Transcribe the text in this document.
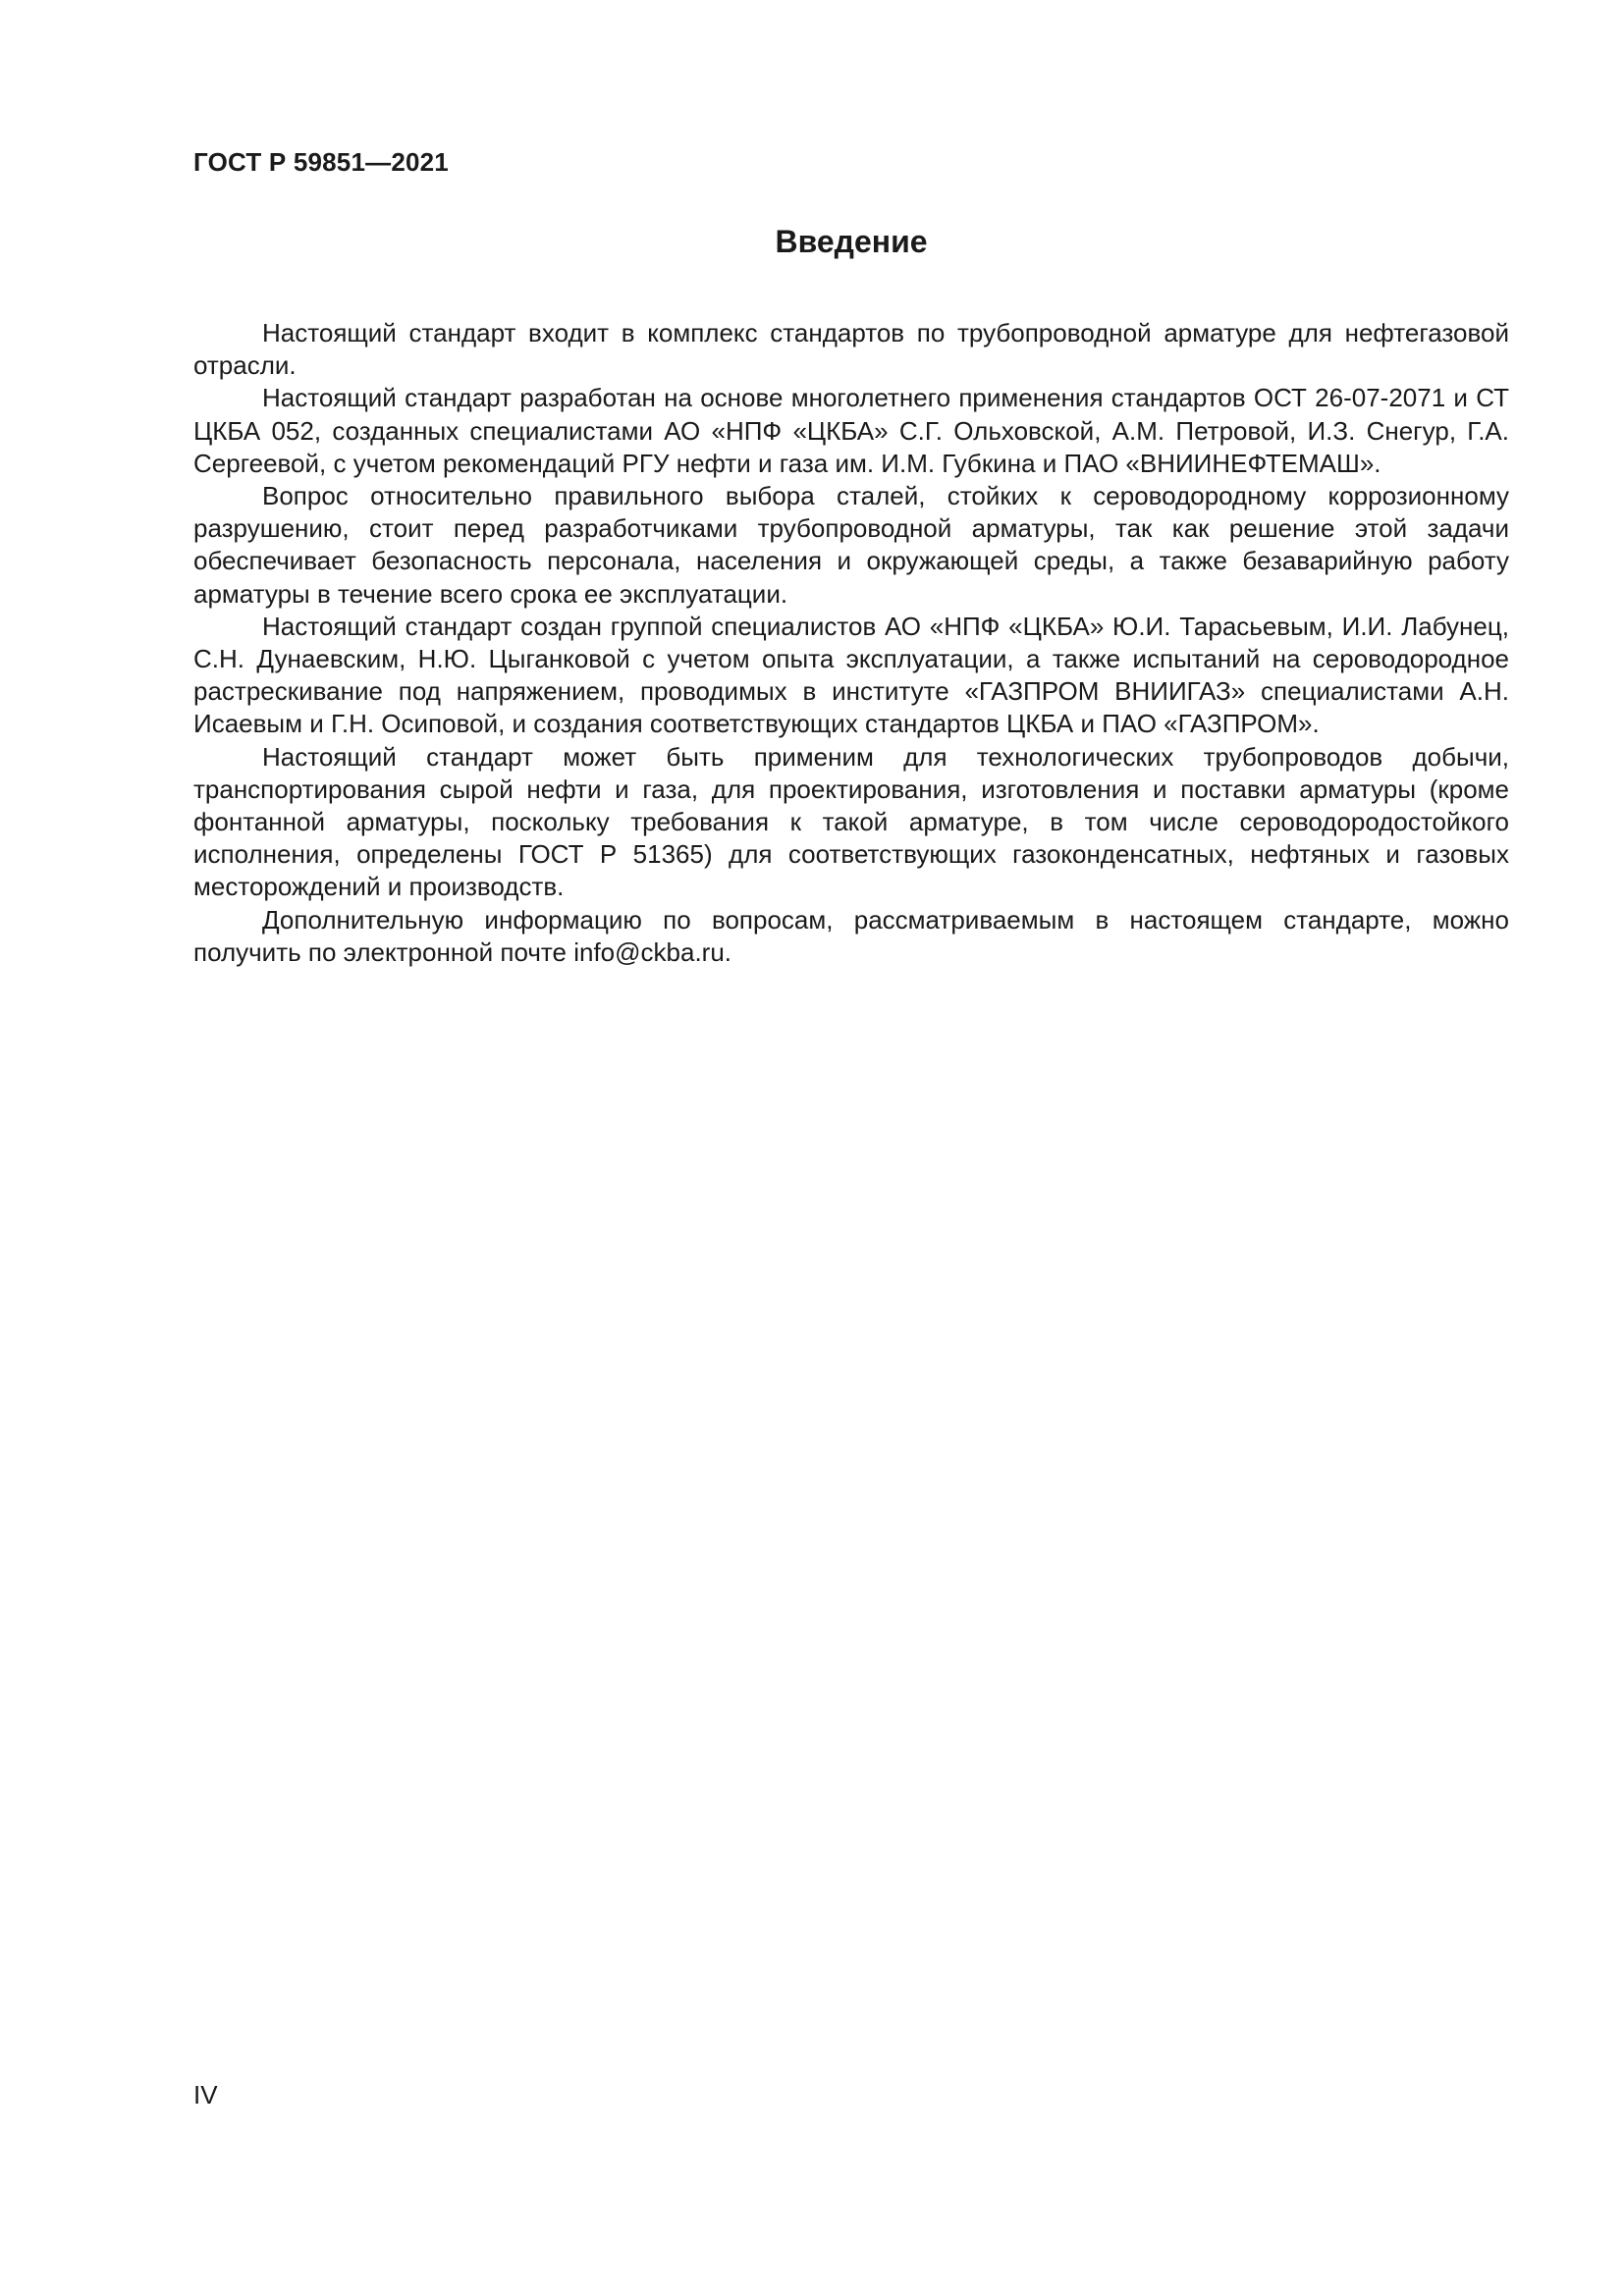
ГОСТ Р 59851—2021
Введение

Настоящий стандарт входит в комплекс стандартов по трубопроводной арматуре для нефтегазовой отрасли.

Настоящий стандарт разработан на основе многолетнего применения стандартов ОСТ 26-07-2071 и СТ ЦКБА 052, созданных специалистами АО «НПФ «ЦКБА» С.Г. Ольховской, А.М. Петровой, И.З. Снегур, Г.А. Сергеевой, с учетом рекомендаций РГУ нефти и газа им. И.М. Губкина и ПАО «ВНИИНЕФТЕМАШ».

Вопрос относительно правильного выбора сталей, стойких к сероводородному коррозионному разрушению, стоит перед разработчиками трубопроводной арматуры, так как решение этой задачи обеспечивает безопасность персонала, населения и окружающей среды, а также безаварийную работу арматуры в течение всего срока ее эксплуатации.

Настоящий стандарт создан группой специалистов АО «НПФ «ЦКБА» Ю.И. Тарасьевым, И.И. Лабунец, С.Н. Дунаевским, Н.Ю. Цыганковой с учетом опыта эксплуатации, а также испытаний на сероводородное растрескивание под напряжением, проводимых в институте «ГАЗПРОМ ВНИИГАЗ» специалистами А.Н. Исаевым и Г.Н. Осиповой, и создания соответствующих стандартов ЦКБА и ПАО «ГАЗПРОМ».

Настоящий стандарт может быть применим для технологических трубопроводов добычи, транспортирования сырой нефти и газа, для проектирования, изготовления и поставки арматуры (кроме фонтанной арматуры, поскольку требования к такой арматуре, в том числе сероводородостойкого исполнения, определены ГОСТ Р 51365) для соответствующих газоконденсатных, нефтяных и газовых месторождений и производств.

Дополнительную информацию по вопросам, рассматриваемым в настоящем стандарте, можно получить по электронной почте info@ckba.ru.

IV
